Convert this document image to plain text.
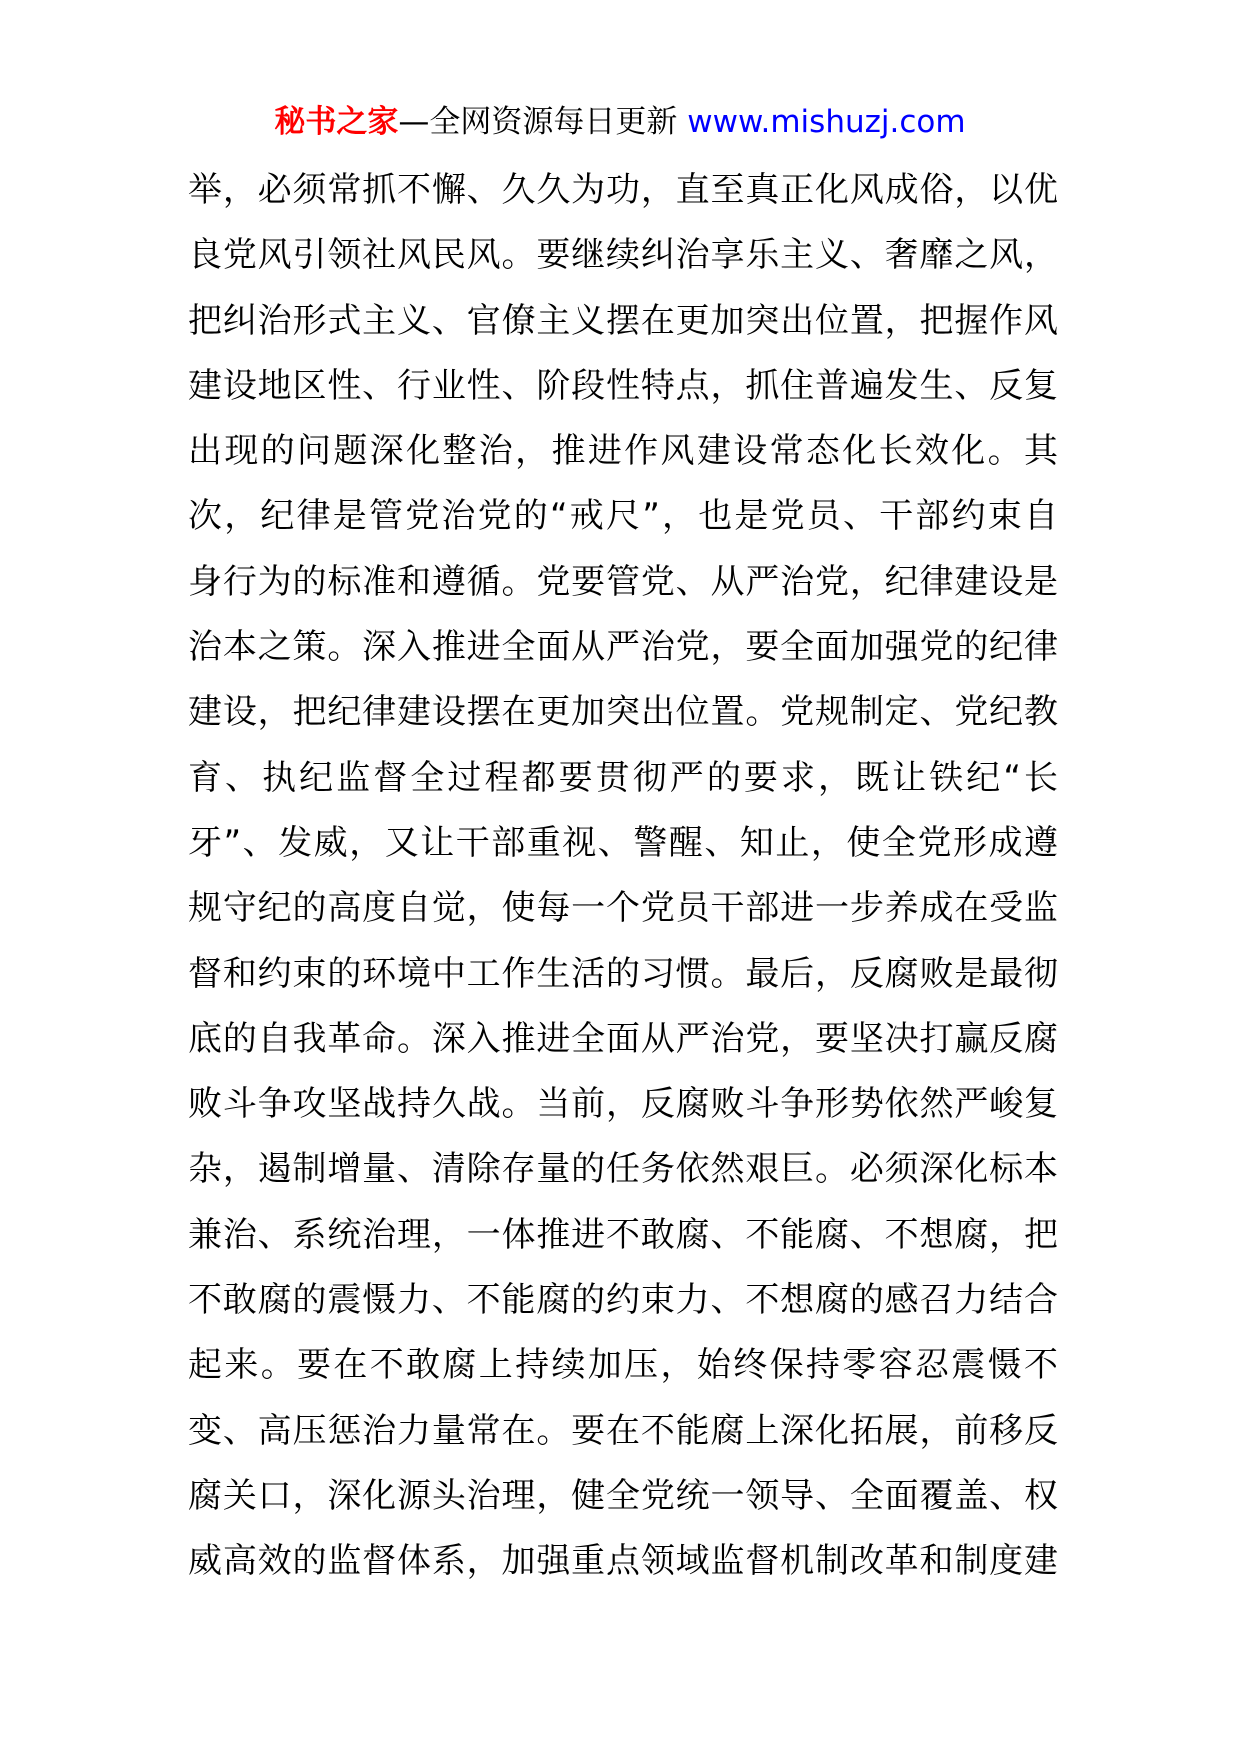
秘书之家—全网资源每日更新 www.mishuzj.com
举，必须常抓不懈、久久为功，直至真正化风成俗，以优
良党风引领社风民风。要继续纠治享乐主义、奢靡之风，
把纠治形式主义、官僚主义摆在更加突出位置，把握作风
建设地区性、行业性、阶段性特点，抓住普遍发生、反复
出现的问题深化整治，推进作风建设常态化长效化。其
次，纪律是管党治党的“戒尺”，也是党员、干部约束自
身行为的标准和遵循。党要管党、从严治党，纪律建设是
治本之策。深入推进全面从严治党，要全面加强党的纪律
建设，把纪律建设摆在更加突出位置。党规制定、党纪教
育、执纪监督全过程都要贯彻严的要求，既让铁纪“长
牙”、发威，又让干部重视、警醒、知止，使全党形成遵
规守纪的高度自觉，使每一个党员干部进一步养成在受监
督和约束的环境中工作生活的习惯。最后，反腐败是最彻
底的自我革命。深入推进全面从严治党，要坚决打赢反腐
败斗争攻坚战持久战。当前，反腐败斗争形势依然严峻复
杂，遏制增量、清除存量的任务依然艰巨。必须深化标本
兼治、系统治理，一体推进不敢腐、不能腐、不想腐，把
不敢腐的震慑力、不能腐的约束力、不想腐的感召力结合
起来。要在不敢腐上持续加压，始终保持零容忍震慑不
变、高压惩治力量常在。要在不能腐上深化拓展，前移反
腐关口，深化源头治理，健全党统一领导、全面覆盖、权
威高效的监督体系，加强重点领域监督机制改革和制度建
